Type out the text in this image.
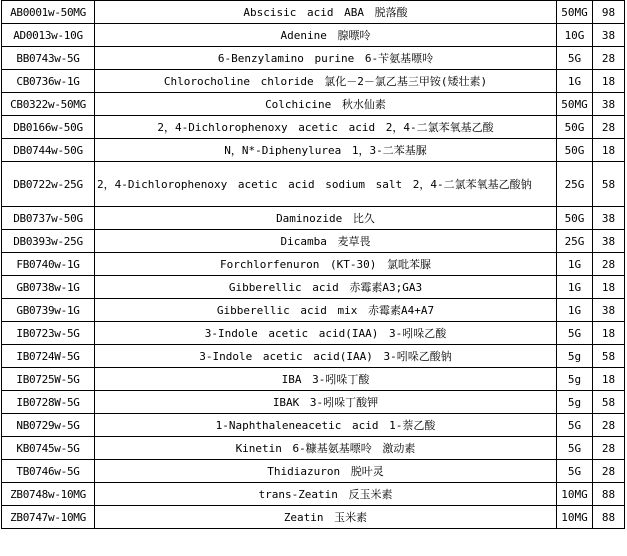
AB0001w-50MG	Abscisic acid ABA 脱落酸	50MG	98
AD0013w-10G	Adenine 腺嘌呤	10G	38
BB0743w-5G	6-Benzylamino purine 6-苄氨基嘌呤	5G	28
CB0736w-1G	Chlorocholine chloride 氯化－2－氯乙基三甲铵(矮壮素)	1G	18
CB0322w-50MG	Colchicine 秋水仙素	50MG	38
DB0166w-50G	2，4-Dichlorophenoxy acetic acid 2，4-二氯苯氧基乙酸	50G	28
DB0744w-50G	N，N*-Diphenylurea 1，3-二苯基脲	50G	18
DB0722w-25G	2，4-Dichlorophenoxy acetic acid sodium salt 2，4-二氯苯氧基乙酸钠	25G	58
DB0737w-50G	Daminozide 比久	50G	38
DB0393w-25G	Dicamba 麦草畏	25G	38
FB0740w-1G	Forchlorfenuron (KT-30) 氯吡苯脲	1G	28
GB0738w-1G	Gibberellic acid 赤霉素A3;GA3	1G	18
GB0739w-1G	Gibberellic acid mix 赤霉素A4+A7	1G	38
IB0723w-5G	3-Indole acetic acid(IAA) 3-吲哚乙酸	5G	18
IB0724W-5G	3-Indole acetic acid(IAA) 3-吲哚乙酸钠	5g	58
IB0725W-5G	IBA 3-吲哚丁酸	5g	18
IB0728W-5G	IBAK 3-吲哚丁酸钾	5g	58
NB0729w-5G	1-Naphthaleneacetic acid 1-萘乙酸	5G	28
KB0745w-5G	Kinetin 6-糠基氨基嘌呤 激动素	5G	28
TB0746w-5G	Thidiazuron 脱叶灵	5G	28
ZB0748w-10MG	trans-Zeatin 反玉米素	10MG	88
ZB0747w-10MG	Zeatin 玉米素	10MG	88
